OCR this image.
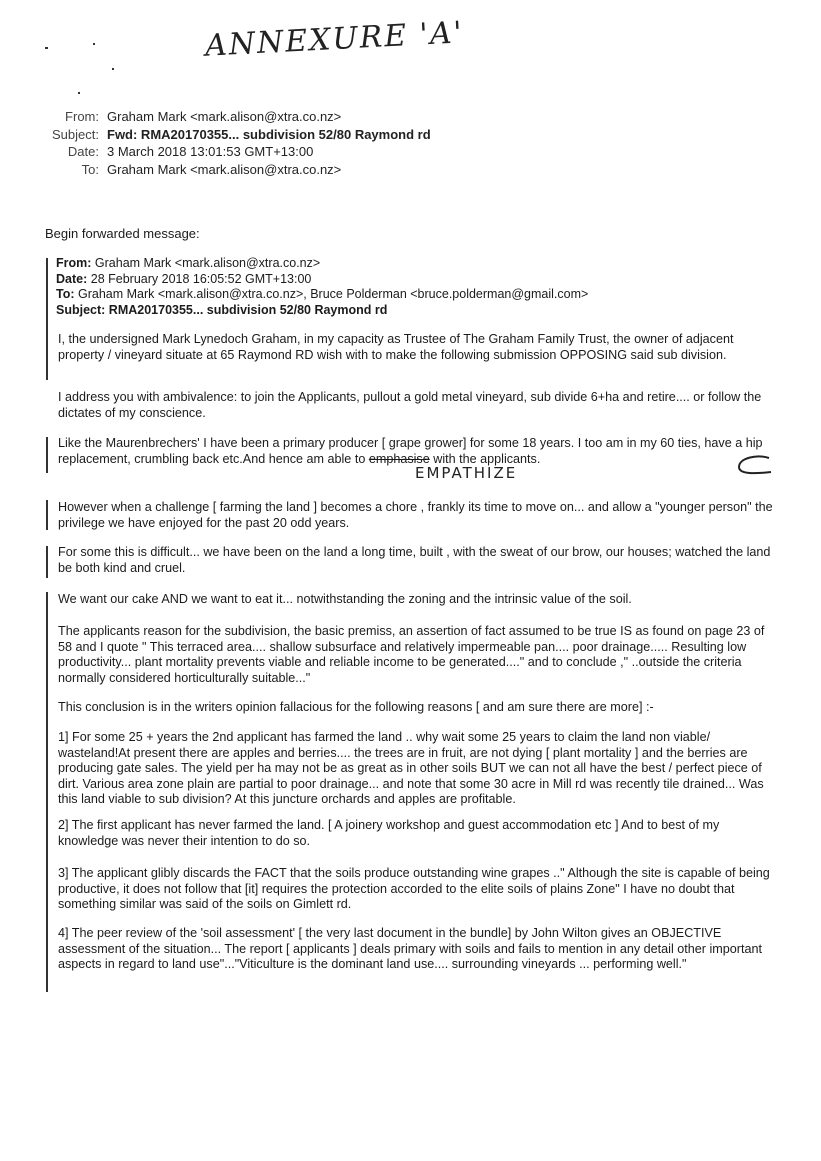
ANNEXURE 'A'
From: Graham Mark <mark.alison@xtra.co.nz>
Subject: Fwd: RMA20170355... subdivision 52/80 Raymond rd
Date: 3 March 2018 13:01:53 GMT+13:00
To: Graham Mark <mark.alison@xtra.co.nz>
Begin forwarded message:
From: Graham Mark <mark.alison@xtra.co.nz>
Date: 28 February 2018 16:05:52 GMT+13:00
To: Graham Mark <mark.alison@xtra.co.nz>, Bruce Polderman <bruce.polderman@gmail.com>
Subject: RMA20170355... subdivision 52/80 Raymond rd
I, the undersigned Mark Lynedoch Graham, in my capacity as Trustee of The Graham Family Trust, the owner of adjacent property / vineyard situate at 65 Raymond RD wish with to make the following submission OPPOSING said sub division.
I address you with ambivalence: to join the Applicants, pullout a gold metal vineyard, sub divide 6+ha and retire.... or follow the dictates of my conscience.
Like the Maurenbrechers' I have been a primary producer [ grape grower] for some 18 years. I too am in my 60 ties, have a hip replacement, crumbling back etc.And hence am able to emphasise with the applicants.
EMPATHIZE
However when a challenge [ farming the land ] becomes a chore , frankly its time to move on... and allow a "younger person" the privilege we have enjoyed for the past 20 odd years.
For some this is difficult... we have been on the land a long time, built , with the sweat of our brow, our houses; watched the land be both kind and cruel.
We want our cake AND we want to eat it... notwithstanding the zoning and the intrinsic value of the soil.
The applicants reason for the subdivision, the basic premiss, an assertion of fact assumed to be true IS as found on page 23 of 58 and I quote " This terraced area.... shallow subsurface and relatively impermeable pan.... poor drainage..... Resulting low productivity... plant mortality prevents viable and reliable income to be generated...." and to conclude ," ..outside the criteria normally considered horticulturally suitable..."
This conclusion is in the writers opinion fallacious for the following reasons [ and am sure there are more] :-
1] For some 25 + years the 2nd applicant has farmed the land .. why wait some 25 years to claim the land non viable/ wasteland!At present there are apples and berries.... the trees are in fruit, are not dying [ plant mortality ] and the berries are producing gate sales. The yield per ha may not be as great as in other soils BUT we can not all have the best / perfect piece of dirt. Various area zone plain are partial to poor drainage... and note that some 30 acre in Mill rd was recently tile drained... Was this land viable to sub division? At this juncture orchards and apples are profitable.
2] The first applicant has never farmed the land. [ A joinery workshop and guest accommodation etc ] And to best of my knowledge was never their intention to do so.
3] The applicant glibly discards the FACT that the soils produce outstanding wine grapes .." Although the site is capable of being productive, it does not follow that [it] requires the protection accorded to the elite soils of plains Zone" I have no doubt that something similar was said of the soils on Gimlett rd.
4] The peer review of the 'soil assessment' [ the very last document in the bundle] by John Wilton gives an OBJECTIVE assessment of the situation... The report [ applicants ] deals primary with soils and fails to mention in any detail other important aspects in regard to land use"..."Viticulture is the dominant land use.... surrounding vineyards ... performing well."
